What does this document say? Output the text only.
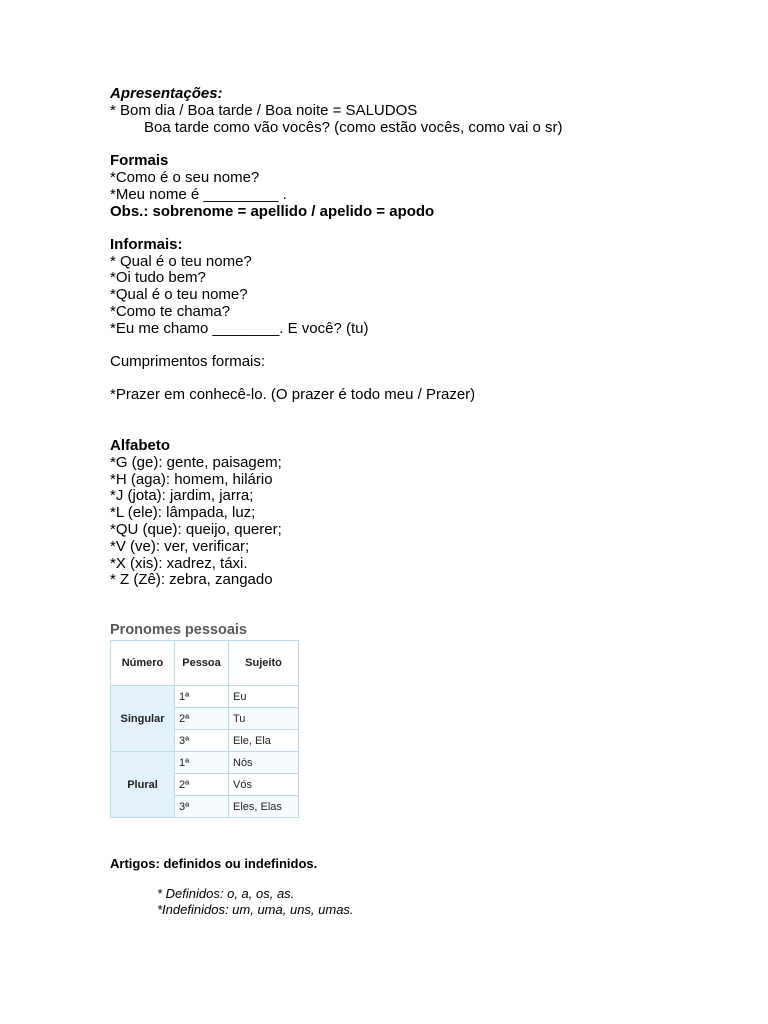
Apresentações:
* Bom dia / Boa tarde / Boa noite = SALUDOS
Boa tarde como vão vocês? (como estão vocês, como vai o sr)
Formais
*Como é o seu nome?
*Meu nome é _________ .
Obs.: sobrenome = apellido / apelido = apodo
Informais:
* Qual é o teu nome?
*Oi tudo bem?
*Qual é o teu nome?
*Como te chama?
*Eu me chamo ________. E você? (tu)
Cumprimentos formais:
*Prazer em conhecê-lo. (O prazer é todo meu / Prazer)
Alfabeto
*G (ge): gente, paisagem;
*H (aga): homem, hilário
*J (jota): jardim, jarra;
*L (ele): lâmpada, luz;
*QU (que): queijo, querer;
*V (ve): ver, verificar;
*X (xis): xadrez, táxi.
* Z (Zê): zebra, zangado
Pronomes pessoais
Número	Pessoa	Sujeito
Singular	1ª	Eu
	2ª	Tu
	3ª	Ele, Ela
Plural	1ª	Nós
	2ª	Vós
	3ª	Eles, Elas
Artigos: definidos ou indefinidos.
* Definidos: o, a, os, as.
*Indefinidos: um, uma, uns, umas.
